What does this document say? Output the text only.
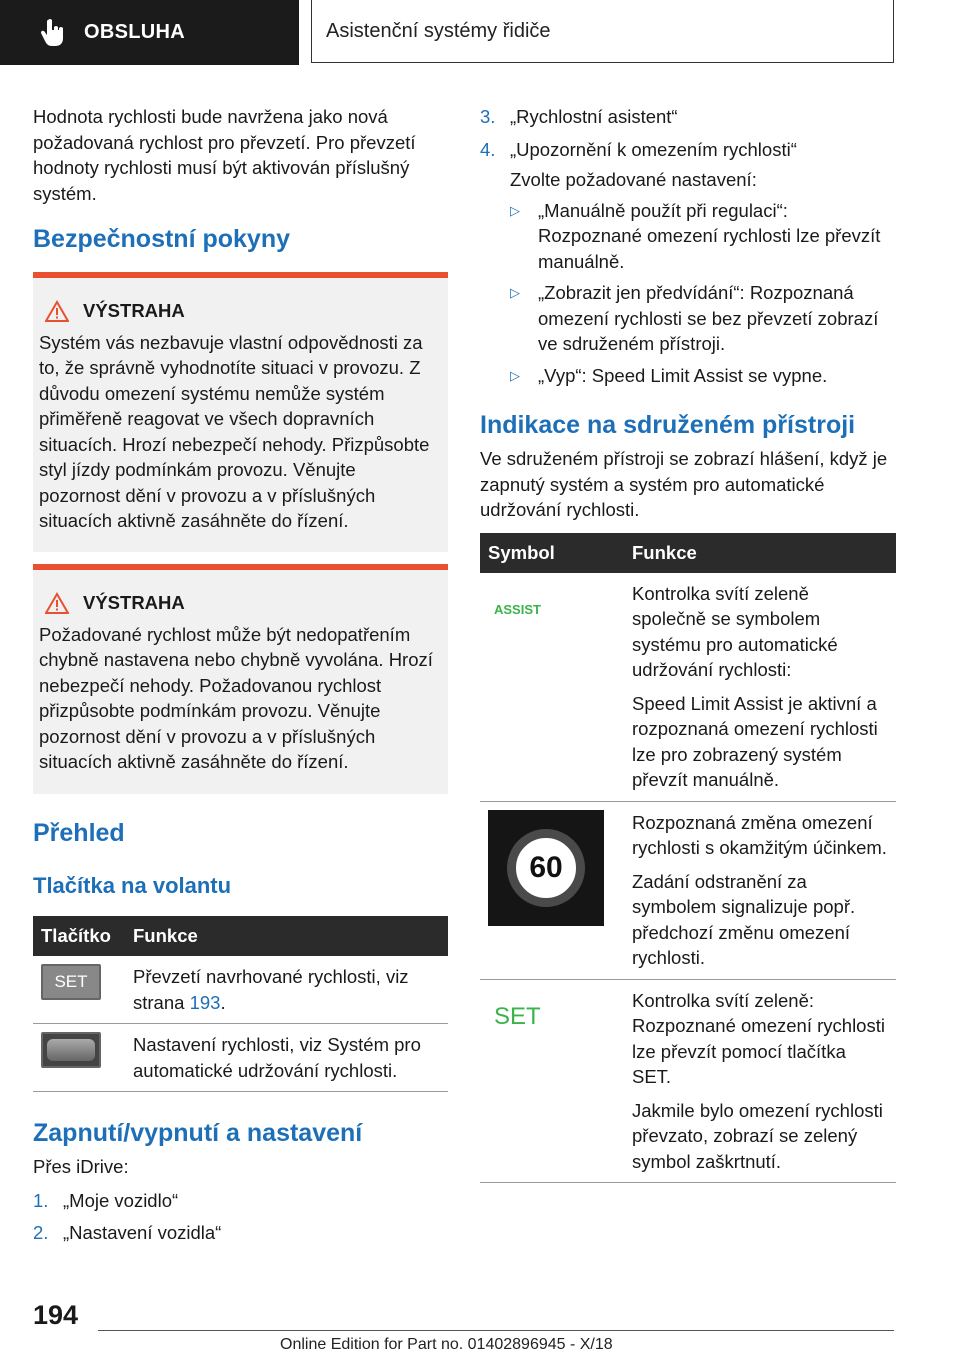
OBSLUHA	Asistenční systémy řidiče

Hodnota rychlosti bude navržena jako nová požadovaná rychlost pro převzetí. Pro převzetí hodnoty rychlosti musí být aktivován příslušný systém.

Bezpečnostní pokyny
VÝSTRAHA

Systém vás nezbavuje vlastní odpovědnosti za to, že správně vyhodnotíte situaci v provozu. Z důvodu omezení systému nemůže systém přiměřeně reagovat ve všech dopravních situacích. Hrozí nebezpečí nehody. Přizpůsobte styl jízdy podmínkám provozu. Věnujte pozornost dění v provozu a v příslušných situacích aktivně zasáhněte do řízení.

VÝSTRAHA

Požadované rychlost může být nedopatřením chybně nastavena nebo chybně vyvolána. Hrozí nebezpečí nehody. Požadovanou rychlost přizpůsobte podmínkám provozu. Věnujte pozornost dění v provozu a v příslušných situacích aktivně zasáhněte do řízení.

Přehled
Tlačítka na volantu
Tlačítko	Funkce

SET	Převzetí navrhované rychlosti, viz strana 193.

	Nastavení rychlosti, viz Systém pro automatické udržování rychlosti.
Zapnutí/vypnutí a nastavení

Přes iDrive:

1. „Moje vozidlo“
2. „Nastavení vozidla“
3. „Rychlostní asistent“
4. „Upozornění k omezením rychlosti“

Zvolte požadované nastavení:

▷ „Manuálně použít při regulaci“: Rozpoznané omezení rychlosti lze převzít manuálně.
▷ „Zobrazit jen předvídání“: Rozpoznaná omezení rychlosti se bez převzetí zobrazí ve sdruženém přístroji.
▷ „Vyp“: Speed Limit Assist se vypne.
Indikace na sdruženém přístroji

Ve sdruženém přístroji se zobrazí hlášení, když je zapnutý systém a systém pro automatické udržování rychlosti.

Symbol	Funkce

ASSIST	Kontrolka svítí zeleně společně se symbolem systému pro automatické udržování rychlosti:

Speed Limit Assist je aktivní a rozpoznaná omezení rychlosti lze pro zobrazený systém převzít manuálně.

60	Rozpoznaná změna omezení rychlosti s okamžitým účinkem.

Zadání odstranění za symbolem signalizuje popř. předchozí změnu omezení rychlosti.

SET	Kontrolka svítí zeleně: Rozpoznané omezení rychlosti lze převzít pomocí tlačítka SET.

Jakmile bylo omezení rychlosti převzato, zobrazí se zelený symbol zaškrtnutí.

194
Online Edition for Part no. 01402896945 - X/18
